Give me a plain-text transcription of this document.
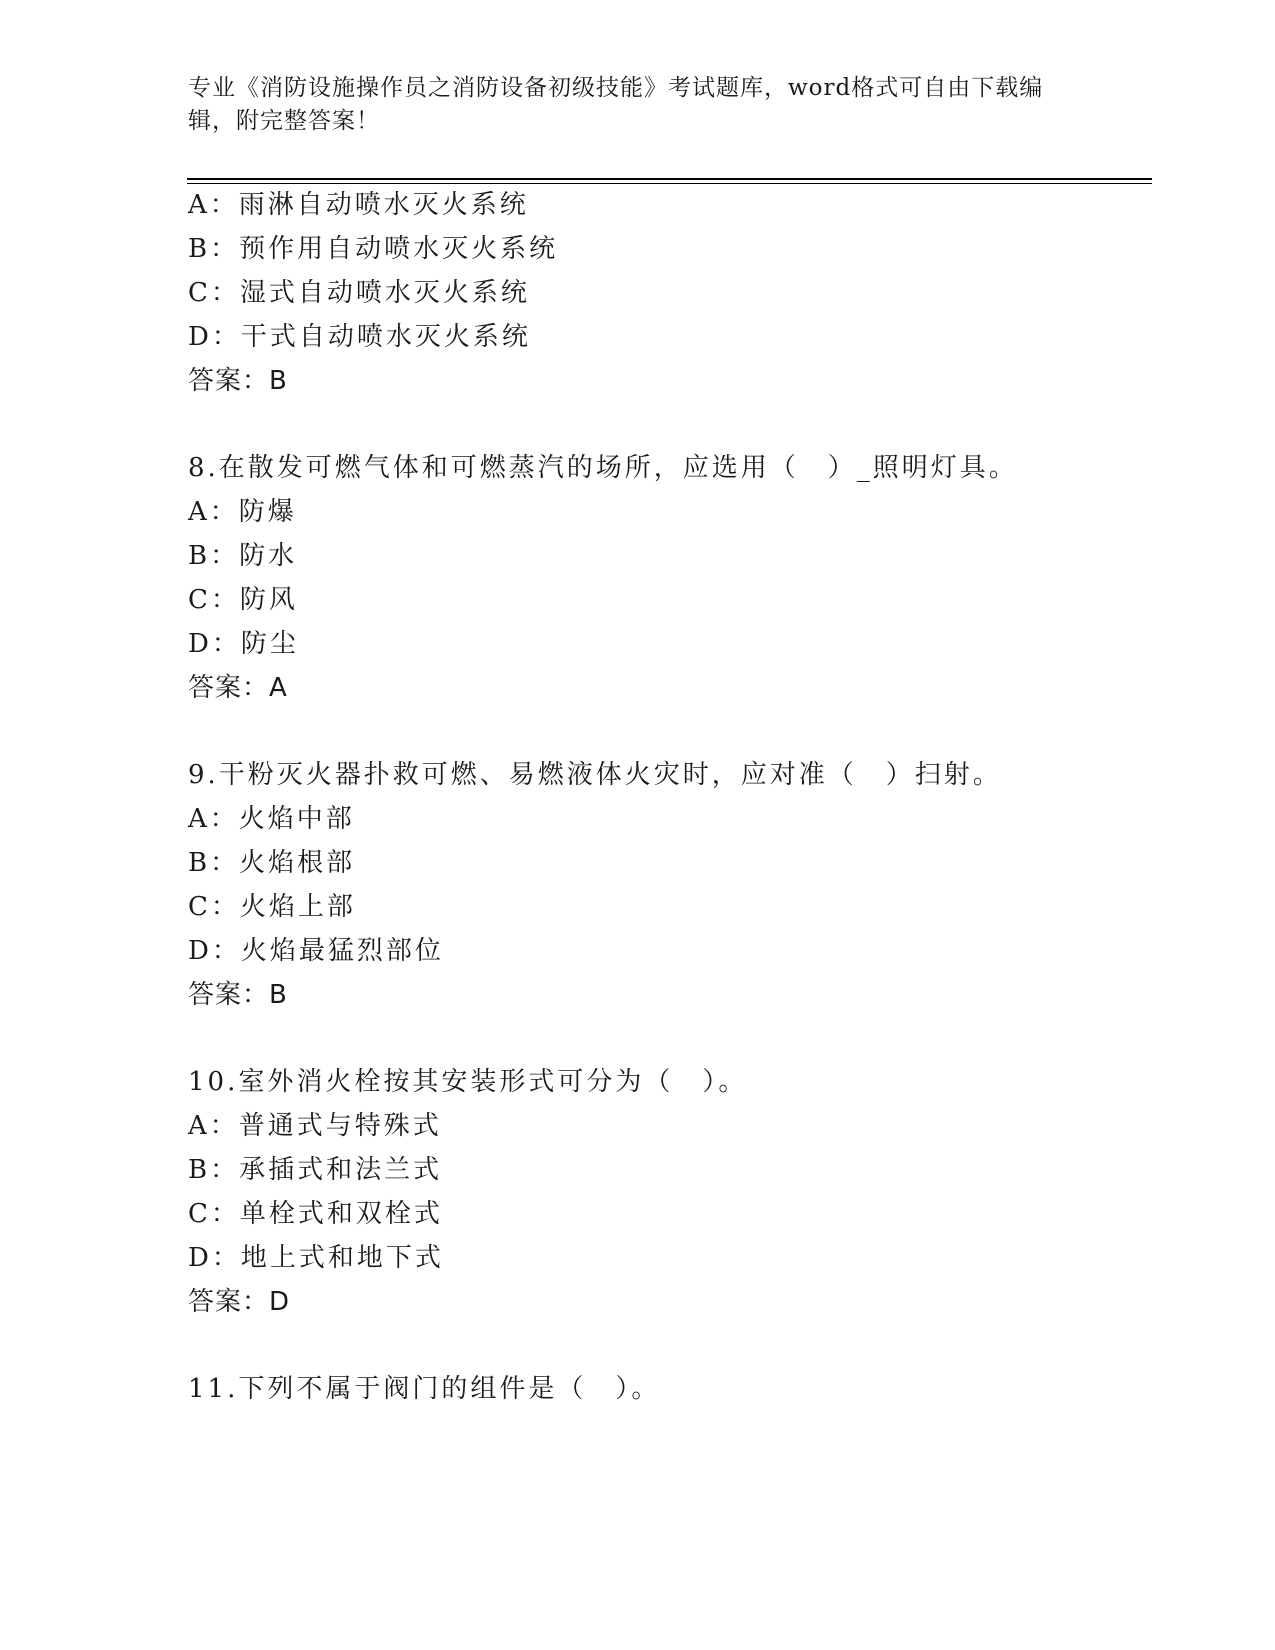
专业《消防设施操作员之消防设备初级技能》考试题库，word格式可自由下载编辑，附完整答案！

A：雨淋自动喷水灭火系统

B：预作用自动喷水灭火系统

C：湿式自动喷水灭火系统

D：干式自动喷水灭火系统

答案：B

8.在散发可燃气体和可燃蒸汽的场所，应选用（　）_照明灯具。

A：防爆

B：防水

C：防风

D：防尘

答案：A

9.干粉灭火器扑救可燃、易燃液体火灾时，应对准（　）扫射。

A：火焰中部

B：火焰根部

C：火焰上部

D：火焰最猛烈部位

答案：B

10.室外消火栓按其安装形式可分为（　）。

A：普通式与特殊式

B：承插式和法兰式

C：单栓式和双栓式

D：地上式和地下式

答案：D

11.下列不属于阀门的组件是（　）。
